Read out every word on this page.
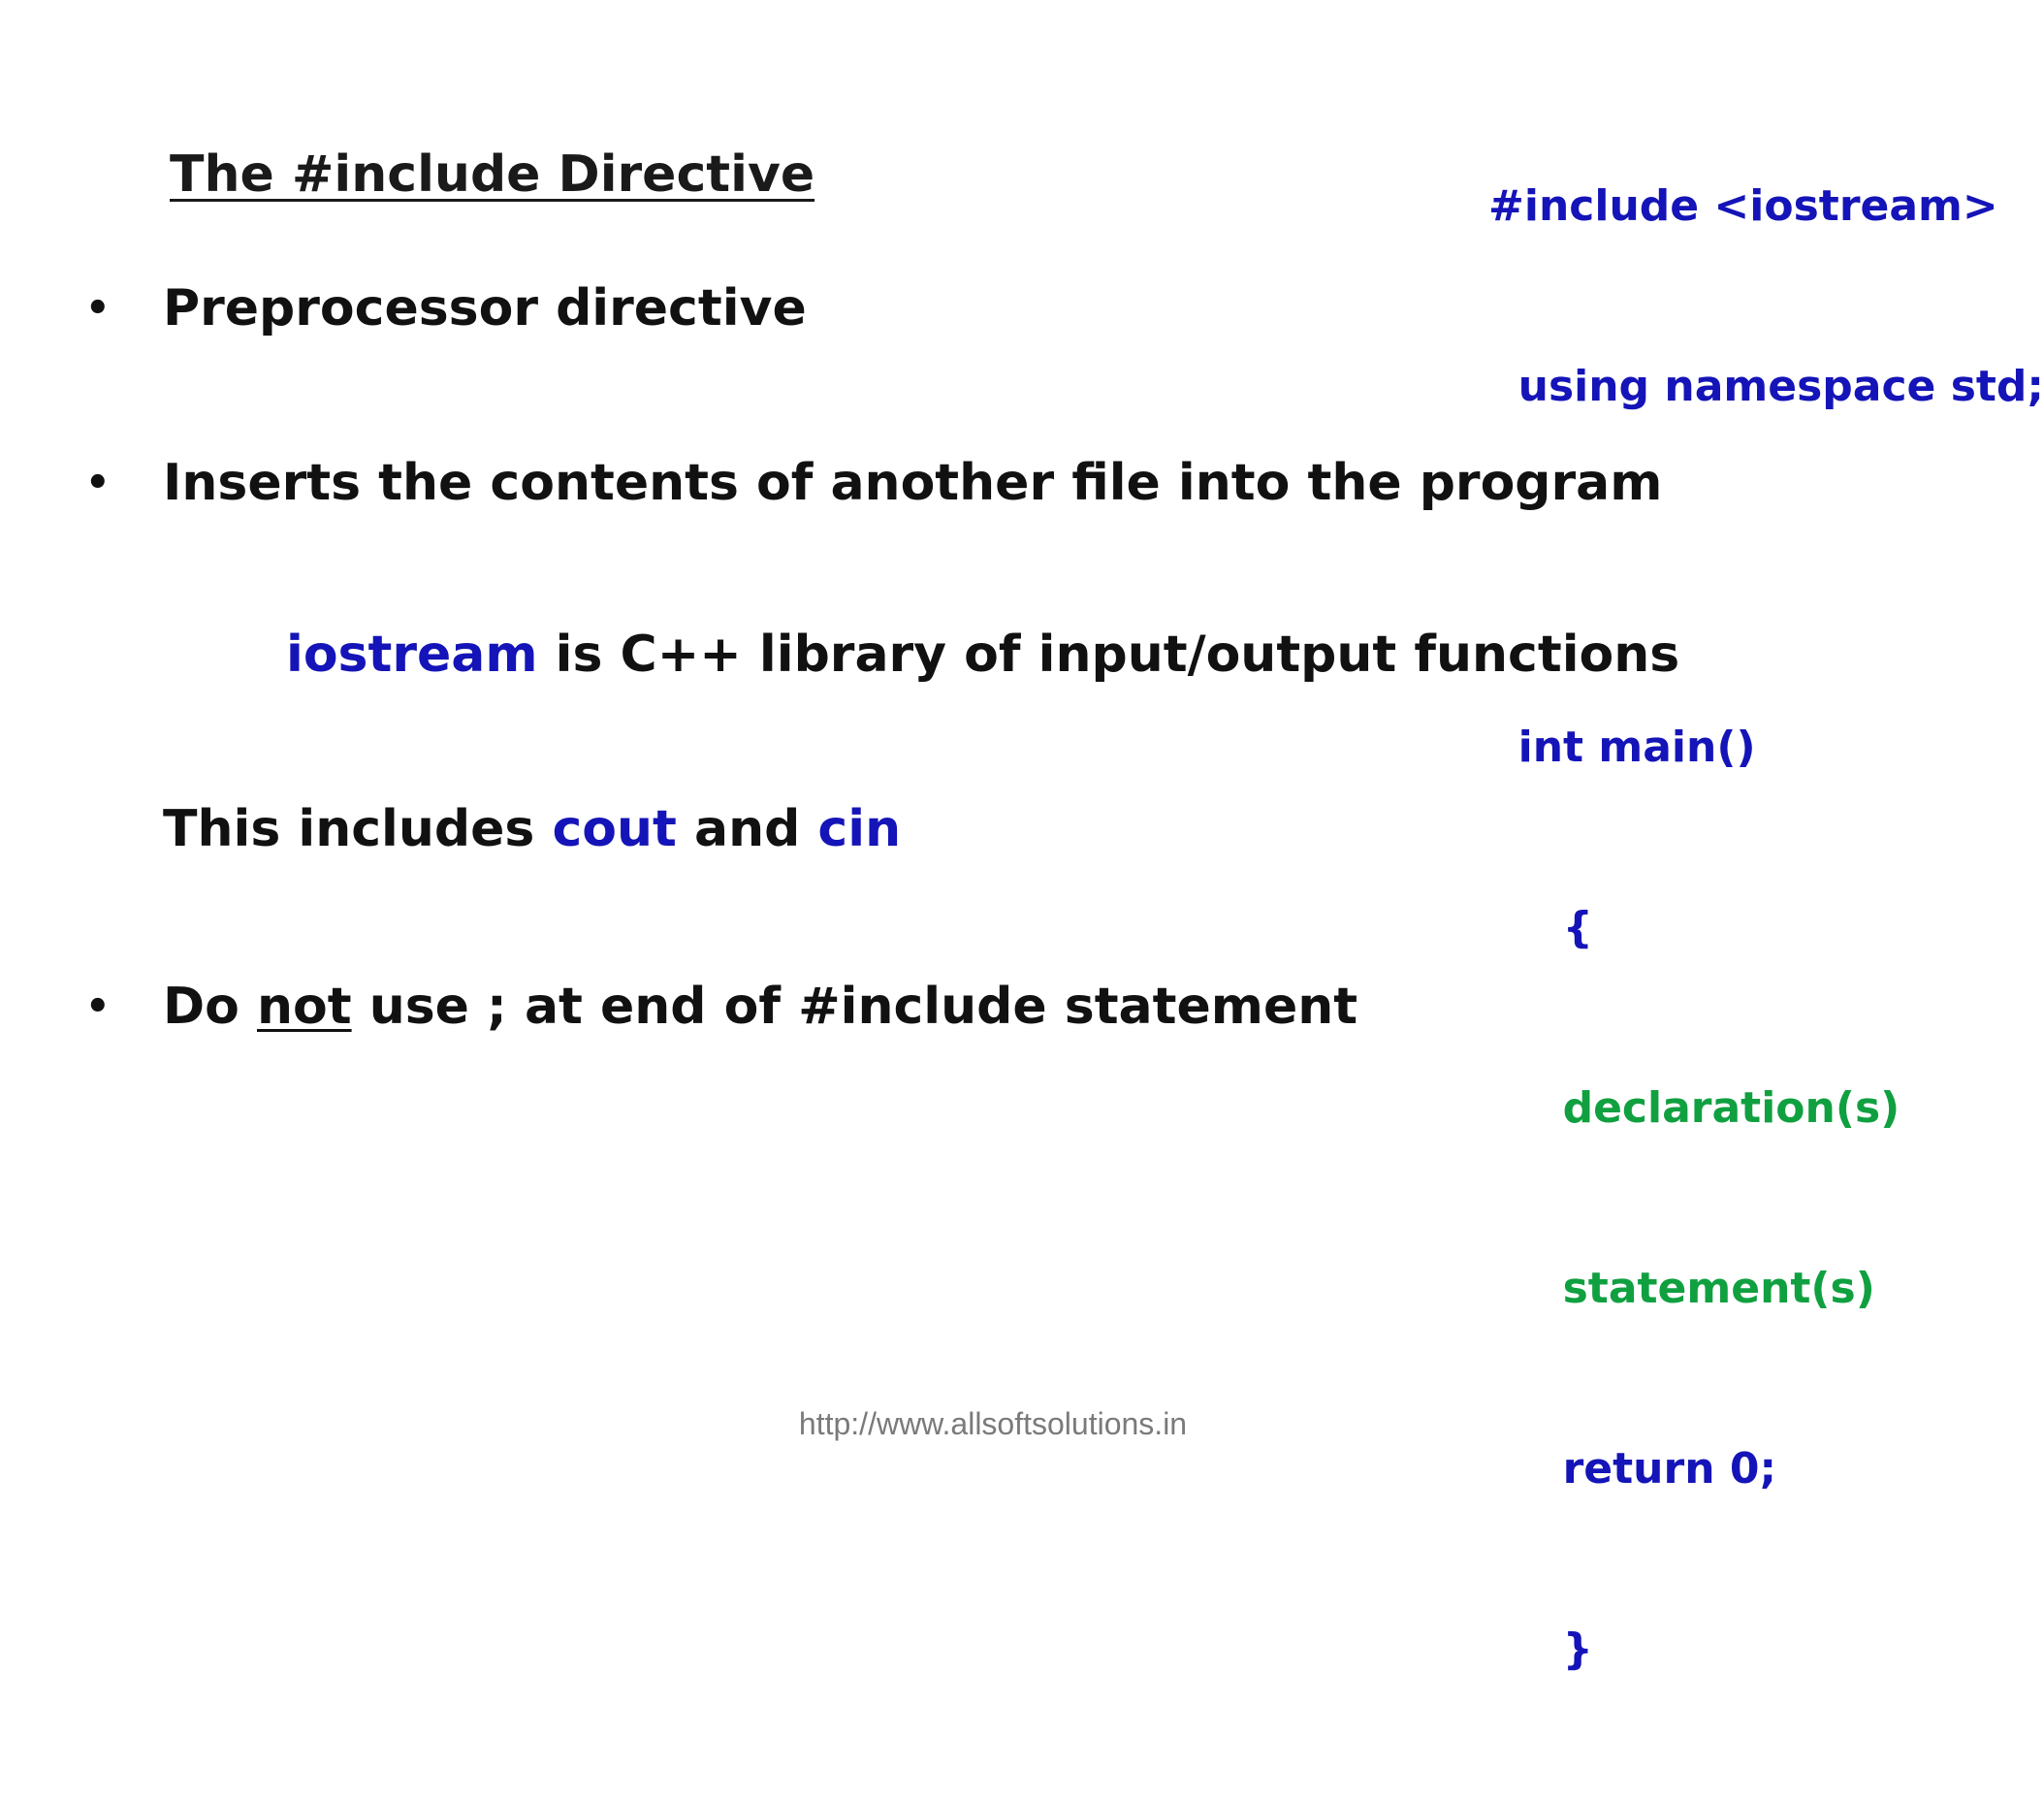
The #include Directive
• Preprocessor directive
• Inserts the contents of another file into the program
iostream is C++ library of input/output functions
This includes cout and cin
• Do not use ; at end of #include statement

#include <iostream>

using namespace std;

int main()

{

declaration(s)

statement(s)

return 0;

}

http://www.allsoftsolutions.in
